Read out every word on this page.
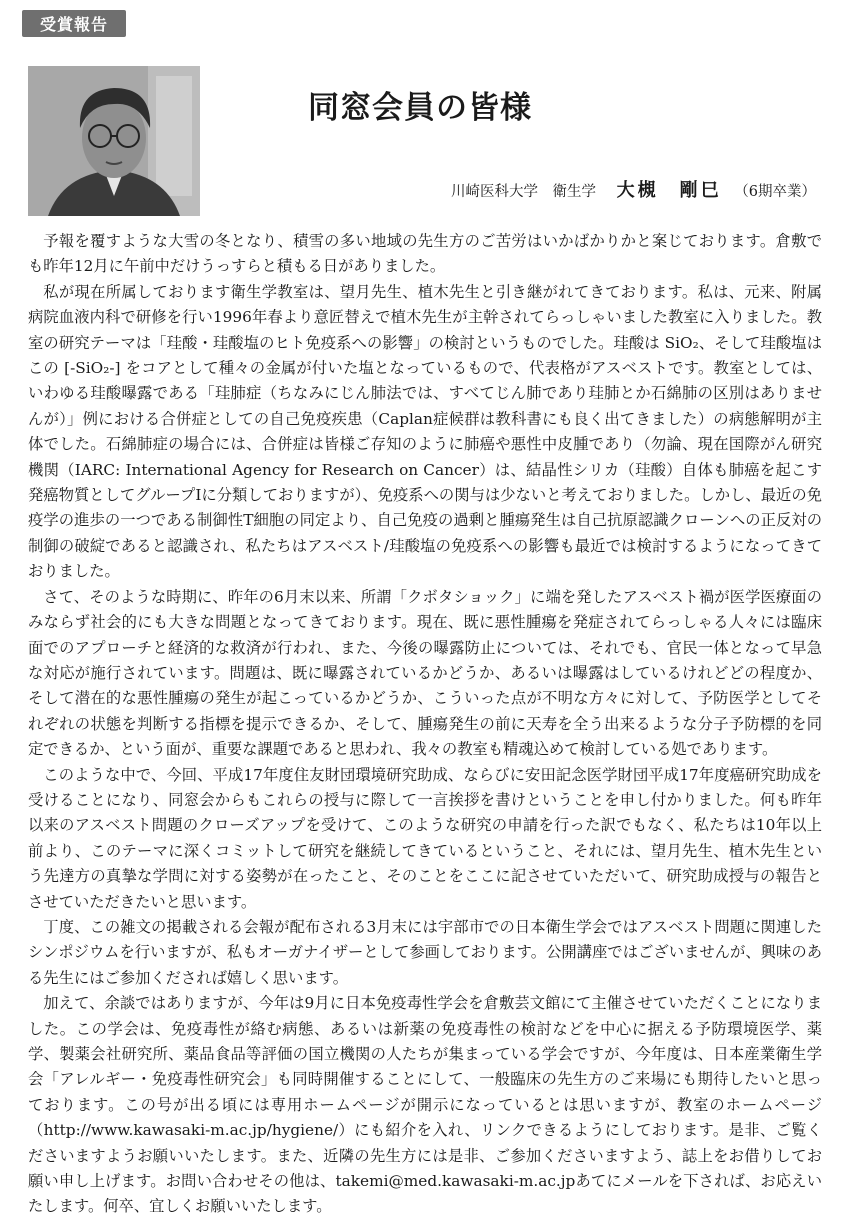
受賞報告
同窓会員の皆様
川崎医科大学　衛生学 大槻　剛巳 （6期卒業）

予報を覆すような大雪の冬となり、積雪の多い地域の先生方のご苦労はいかばかりかと案じております。倉敷でも昨年12月に午前中だけうっすらと積もる日がありました。

私が現在所属しております衛生学教室は、望月先生、植木先生と引き継がれてきております。私は、元来、附属病院血液内科で研修を行い1996年春より意匠替えで植木先生が主幹されてらっしゃいました教室に入りました。教室の研究テーマは「珪酸・珪酸塩のヒト免疫系への影響」の検討というものでした。珪酸は SiO₂、そして珪酸塩はこの [-SiO₂-] をコアとして種々の金属が付いた塩となっているもので、代表格がアスベストです。教室としては、いわゆる珪酸曝露である「珪肺症（ちなみにじん肺法では、すべてじん肺であり珪肺とか石綿肺の区別はありませんが）」例における合併症としての自己免疫疾患（Caplan症候群は教科書にも良く出てきました）の病態解明が主体でした。石綿肺症の場合には、合併症は皆様ご存知のように肺癌や悪性中皮腫であり（勿論、現在国際がん研究機関（IARC: International Agency for Research on Cancer）は、結晶性シリカ（珪酸）自体も肺癌を起こす発癌物質としてグループⅠに分類しておりますが）、免疫系への関与は少ないと考えておりました。しかし、最近の免疫学の進歩の一つである制御性T細胞の同定より、自己免疫の過剰と腫瘍発生は自己抗原認識クローンへの正反対の制御の破綻であると認識され、私たちはアスベスト/珪酸塩の免疫系への影響も最近では検討するようになってきておりました。

さて、そのような時期に、昨年の6月末以来、所謂「クボタショック」に端を発したアスベスト禍が医学医療面のみならず社会的にも大きな問題となってきております。現在、既に悪性腫瘍を発症されてらっしゃる人々には臨床面でのアプローチと経済的な救済が行われ、また、今後の曝露防止については、それでも、官民一体となって早急な対応が施行されています。問題は、既に曝露されているかどうか、あるいは曝露はしているけれどどの程度か、そして潜在的な悪性腫瘍の発生が起こっているかどうか、こういった点が不明な方々に対して、予防医学としてそれぞれの状態を判断する指標を提示できるか、そして、腫瘍発生の前に天寿を全う出来るような分子予防標的を同定できるか、という面が、重要な課題であると思われ、我々の教室も精魂込めて検討している処であります。

このような中で、今回、平成17年度住友財団環境研究助成、ならびに安田記念医学財団平成17年度癌研究助成を受けることになり、同窓会からもこれらの授与に際して一言挨拶を書けということを申し付かりました。何も昨年以来のアスベスト問題のクローズアップを受けて、このような研究の申請を行った訳でもなく、私たちは10年以上前より、このテーマに深くコミットして研究を継続してきているということ、それには、望月先生、植木先生という先達方の真摯な学問に対する姿勢が在ったこと、そのことをここに記させていただいて、研究助成授与の報告とさせていただきたいと思います。

丁度、この雑文の掲載される会報が配布される3月末には宇部市での日本衛生学会ではアスベスト問題に関連したシンポジウムを行いますが、私もオーガナイザーとして参画しております。公開講座ではございませんが、興味のある先生にはご参加くだされば嬉しく思います。

加えて、余談ではありますが、今年は9月に日本免疫毒性学会を倉敷芸文館にて主催させていただくことになりました。この学会は、免疫毒性が絡む病態、あるいは新薬の免疫毒性の検討などを中心に据える予防環境医学、薬学、製薬会社研究所、薬品食品等評価の国立機関の人たちが集まっている学会ですが、今年度は、日本産業衛生学会「アレルギー・免疫毒性研究会」も同時開催することにして、一般臨床の先生方のご来場にも期待したいと思っております。この号が出る頃には専用ホームページが開示になっているとは思いますが、教室のホームページ（http://www.kawasaki-m.ac.jp/hygiene/）にも紹介を入れ、リンクできるようにしております。是非、ご覧くださいますようお願いいたします。また、近隣の先生方には是非、ご参加くださいますよう、誌上をお借りしてお願い申し上げます。お問い合わせその他は、takemi@med.kawasaki-m.ac.jpあてにメールを下されば、お応えいたします。何卒、宜しくお願いいたします。
